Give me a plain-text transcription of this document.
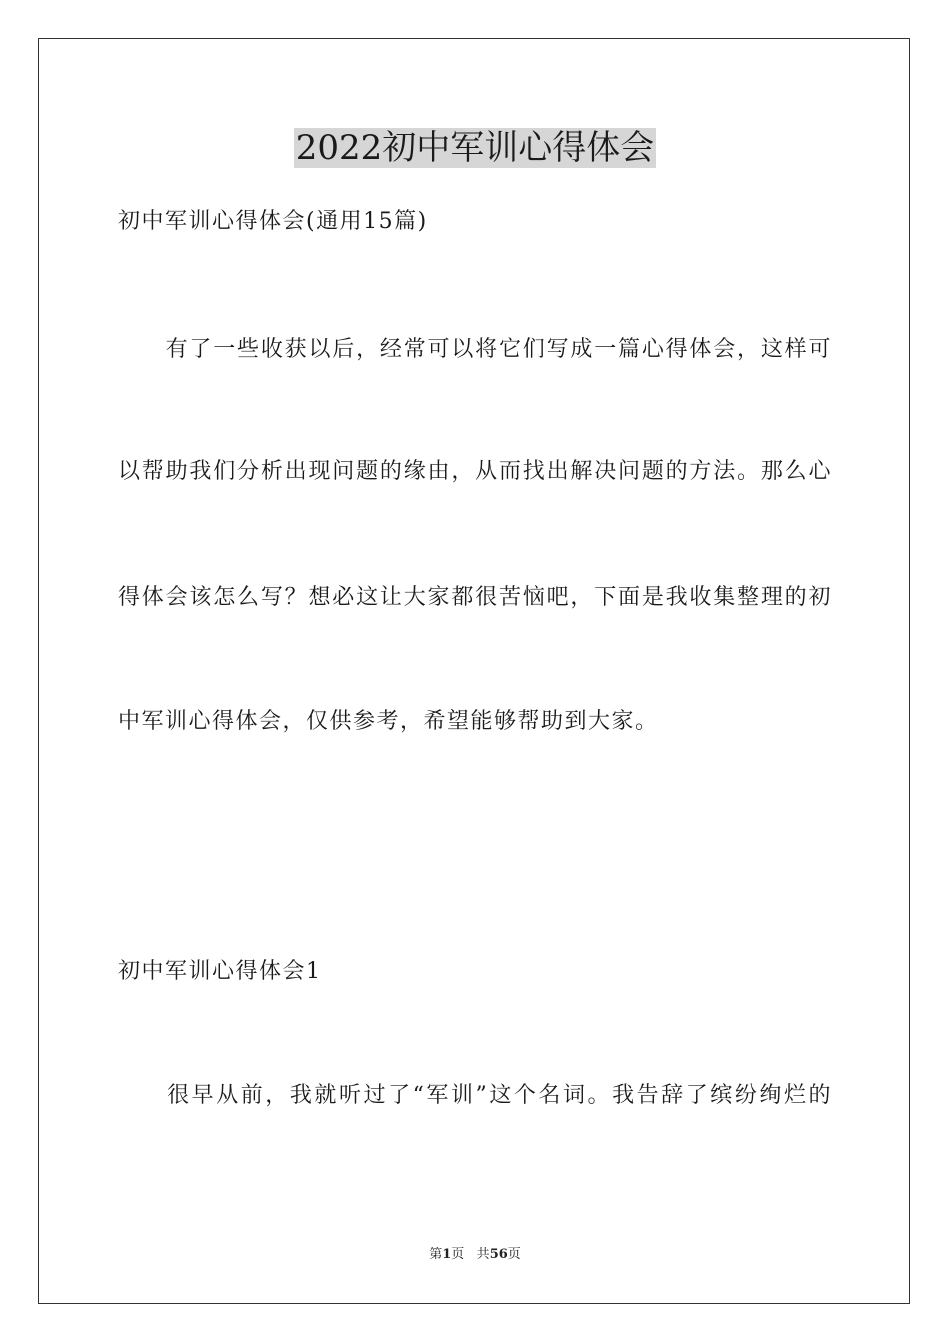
2022初中军训心得体会
初中军训心得体会(通用15篇)
　　有了一些收获以后，经常可以将它们写成一篇心得体会，这样可
以帮助我们分析出现问题的缘由，从而找出解决问题的方法。那么心
得体会该怎么写？想必这让大家都很苦恼吧，下面是我收集整理的初
中军训心得体会，仅供参考，希望能够帮助到大家。
初中军训心得体会1
　　很早从前，我就听过了“军训”这个名词。我告辞了缤纷绚烂的
第1页 共56页
